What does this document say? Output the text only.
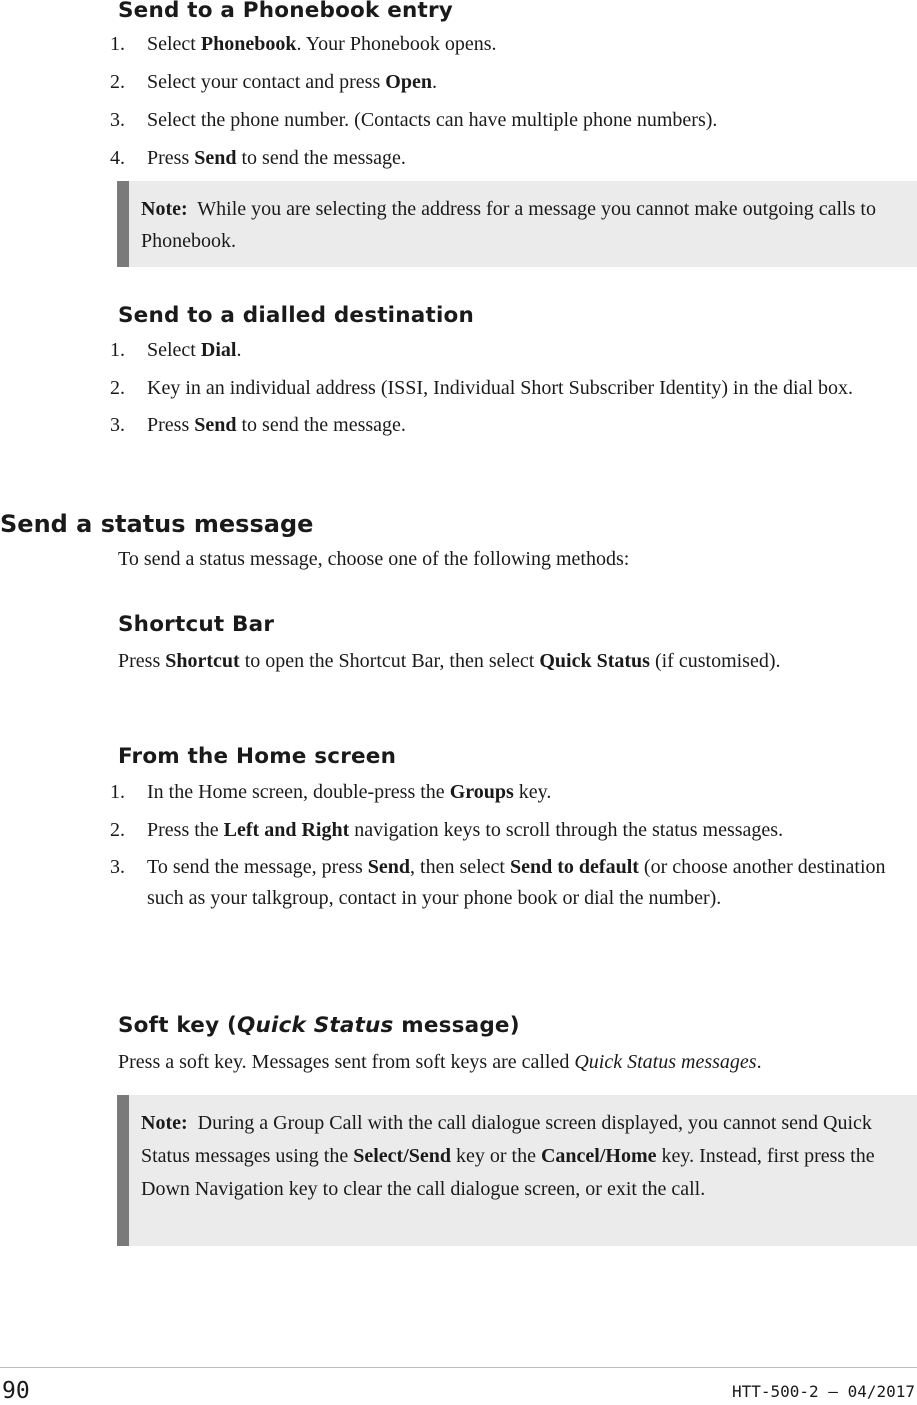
Send to a Phonebook entry
1. Select Phonebook. Your Phonebook opens.
2. Select your contact and press Open.
3. Select the phone number. (Contacts can have multiple phone numbers).
4. Press Send to send the message.
Note: While you are selecting the address for a message you cannot make outgoing calls to Phonebook.
Send to a dialled destination
1. Select Dial.
2. Key in an individual address (ISSI, Individual Short Subscriber Identity) in the dial box.
3. Press Send to send the message.
Send a status message

To send a status message, choose one of the following methods:

Shortcut Bar

Press Shortcut to open the Shortcut Bar, then select Quick Status (if customised).

From the Home screen
1. In the Home screen, double-press the Groups key.
2. Press the Left and Right navigation keys to scroll through the status messages.
3. To send the message, press Send, then select Send to default (or choose another destination such as your talkgroup, contact in your phone book or dial the number).
Soft key (Quick Status message)

Press a soft key. Messages sent from soft keys are called Quick Status messages.

Note: During a Group Call with the call dialogue screen displayed, you cannot send Quick Status messages using the Select/Send key or the Cancel/Home key. Instead, first press the Down Navigation key to clear the call dialogue screen, or exit the call.
90	HTT-500-2 – 04/2017
